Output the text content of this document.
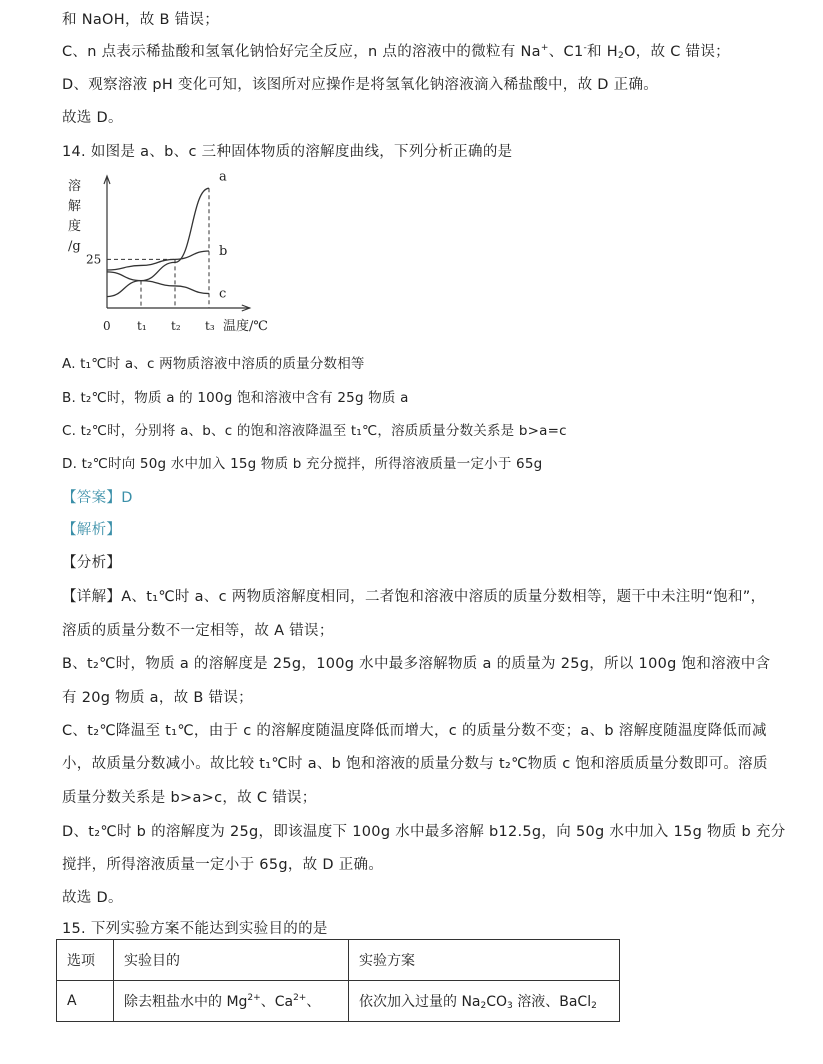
和 NaOH，故 B 错误；
C、n 点表示稀盐酸和氢氧化钠恰好完全反应，n 点的溶液中的微粒有 Na+、C1-和 $H_2O$，故 C 错误；
D、观察溶液 pH 变化可知，该图所对应操作是将氢氧化钠溶液滴入稀盐酸中，故 D 正确。
故选 D。
14. 如图是 a、b、c 三种固体物质的溶解度曲线，下列分析正确的是
溶
解
度
/g
25
a
b
c
0 t₁ t₂ t₃ 温度/℃
A. t₁℃时 a、c 两物质溶液中溶质的质量分数相等
B. t₂℃时，物质 a 的 100g 饱和溶液中含有 25g 物质 a
C. t₂℃时，分别将 a、b、c 的饱和溶液降温至 t₁℃，溶质质量分数关系是 b>a=c
D. t₂℃时向 50g 水中加入 15g 物质 b 充分搅拌，所得溶液质量一定小于 65g
【答案】D
【解析】
【分析】
【详解】A、t₁℃时 a、c 两物质溶解度相同，二者饱和溶液中溶质的质量分数相等，题干中未注明“饱和”，
溶质的质量分数不一定相等，故 A 错误；
B、t₂℃时，物质 a 的溶解度是 25g，100g 水中最多溶解物质 a 的质量为 25g，所以 100g 饱和溶液中含
有 20g 物质 a，故 B 错误；
C、t₂℃降温至 t₁℃，由于 c 的溶解度随温度降低而增大，c 的质量分数不变；a、b 溶解度随温度降低而减
小，故质量分数减小。故比较 t₁℃时 a、b 饱和溶液的质量分数与 t₂℃物质 c 饱和溶质质量分数即可。溶质
质量分数关系是 b>a>c，故 C 错误；
D、t₂℃时 b 的溶解度为 25g，即该温度下 100g 水中最多溶解 b12.5g，向 50g 水中加入 15g 物质 b 充分
搅拌，所得溶液质量一定小于 65g，故 D 正确。
故选 D。
15. 下列实验方案不能达到实验目的的是
选项	实验目的	实验方案
A	除去粗盐水中的 $Mg^{2+}$、$Ca^{2+}$、	依次加入过量的 $Na_2CO_3$ 溶液、BaCl$_2$
